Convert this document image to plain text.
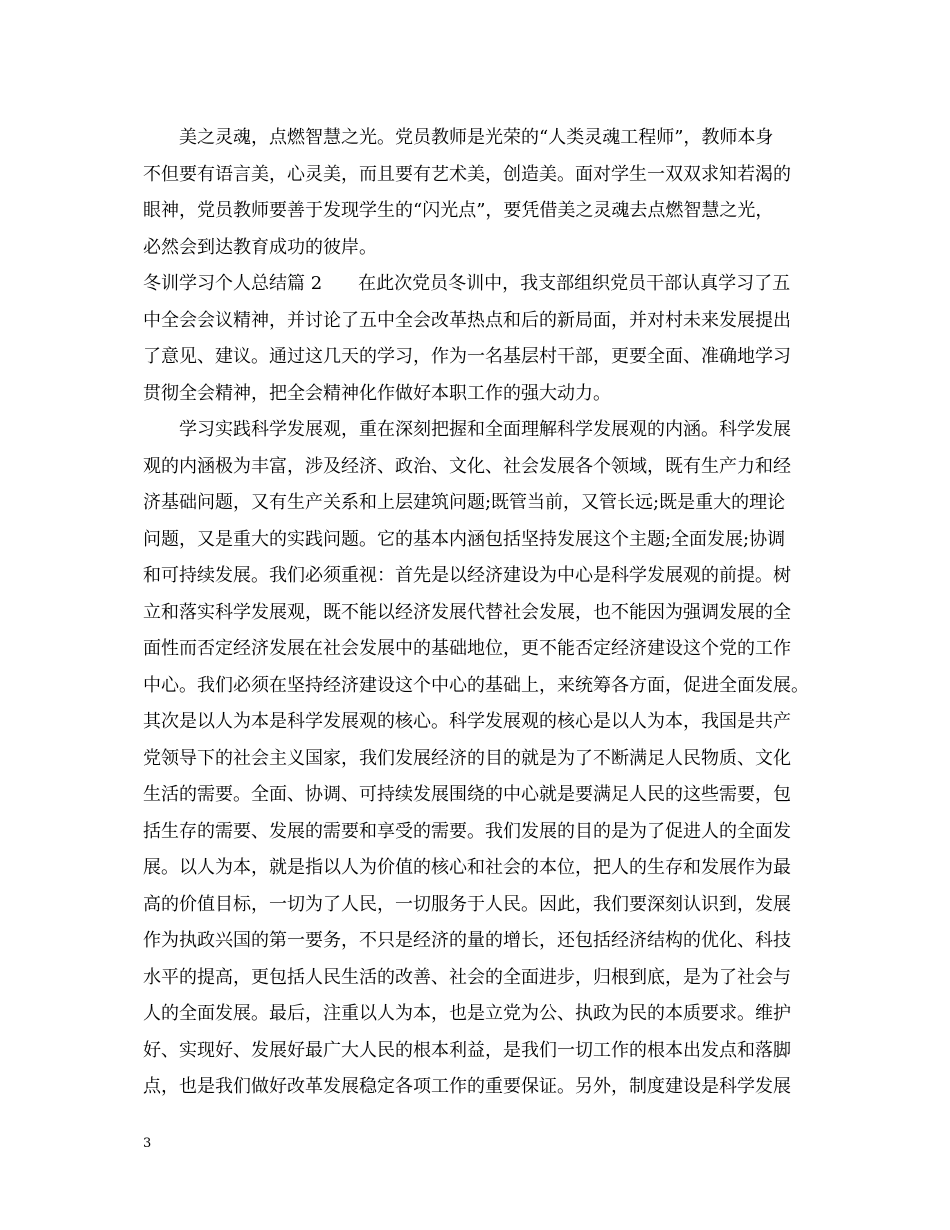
美之灵魂，点燃智慧之光。党员教师是光荣的“人类灵魂工程师”，教师本身
不但要有语言美，心灵美，而且要有艺术美，创造美。面对学生一双双求知若渴的
眼神，党员教师要善于发现学生的“闪光点”，要凭借美之灵魂去点燃智慧之光，
必然会到达教育成功的彼岸。
冬训学习个人总结篇 2　　在此次党员冬训中，我支部组织党员干部认真学习了五
中全会会议精神，并讨论了五中全会改革热点和后的新局面，并对村未来发展提出
了意见、建议。通过这几天的学习，作为一名基层村干部，更要全面、准确地学习
贯彻全会精神，把全会精神化作做好本职工作的强大动力。
学习实践科学发展观，重在深刻把握和全面理解科学发展观的内涵。科学发展
观的内涵极为丰富，涉及经济、政治、文化、社会发展各个领域，既有生产力和经
济基础问题，又有生产关系和上层建筑问题;既管当前，又管长远;既是重大的理论
问题，又是重大的实践问题。它的基本内涵包括坚持发展这个主题;全面发展;协调
和可持续发展。我们必须重视：首先是以经济建设为中心是科学发展观的前提。树
立和落实科学发展观，既不能以经济发展代替社会发展，也不能因为强调发展的全
面性而否定经济发展在社会发展中的基础地位，更不能否定经济建设这个党的工作
中心。我们必须在坚持经济建设这个中心的基础上，来统筹各方面，促进全面发展。
其次是以人为本是科学发展观的核心。科学发展观的核心是以人为本，我国是共产
党领导下的社会主义国家，我们发展经济的目的就是为了不断满足人民物质、文化
生活的需要。全面、协调、可持续发展围绕的中心就是要满足人民的这些需要，包
括生存的需要、发展的需要和享受的需要。我们发展的目的是为了促进人的全面发
展。以人为本，就是指以人为价值的核心和社会的本位，把人的生存和发展作为最
高的价值目标，一切为了人民，一切服务于人民。因此，我们要深刻认识到，发展
作为执政兴国的第一要务，不只是经济的量的增长，还包括经济结构的优化、科技
水平的提高，更包括人民生活的改善、社会的全面进步，归根到底，是为了社会与
人的全面发展。最后，注重以人为本，也是立党为公、执政为民的本质要求。维护
好、实现好、发展好最广大人民的根本利益，是我们一切工作的根本出发点和落脚
点，也是我们做好改革发展稳定各项工作的重要保证。另外，制度建设是科学发展
3
